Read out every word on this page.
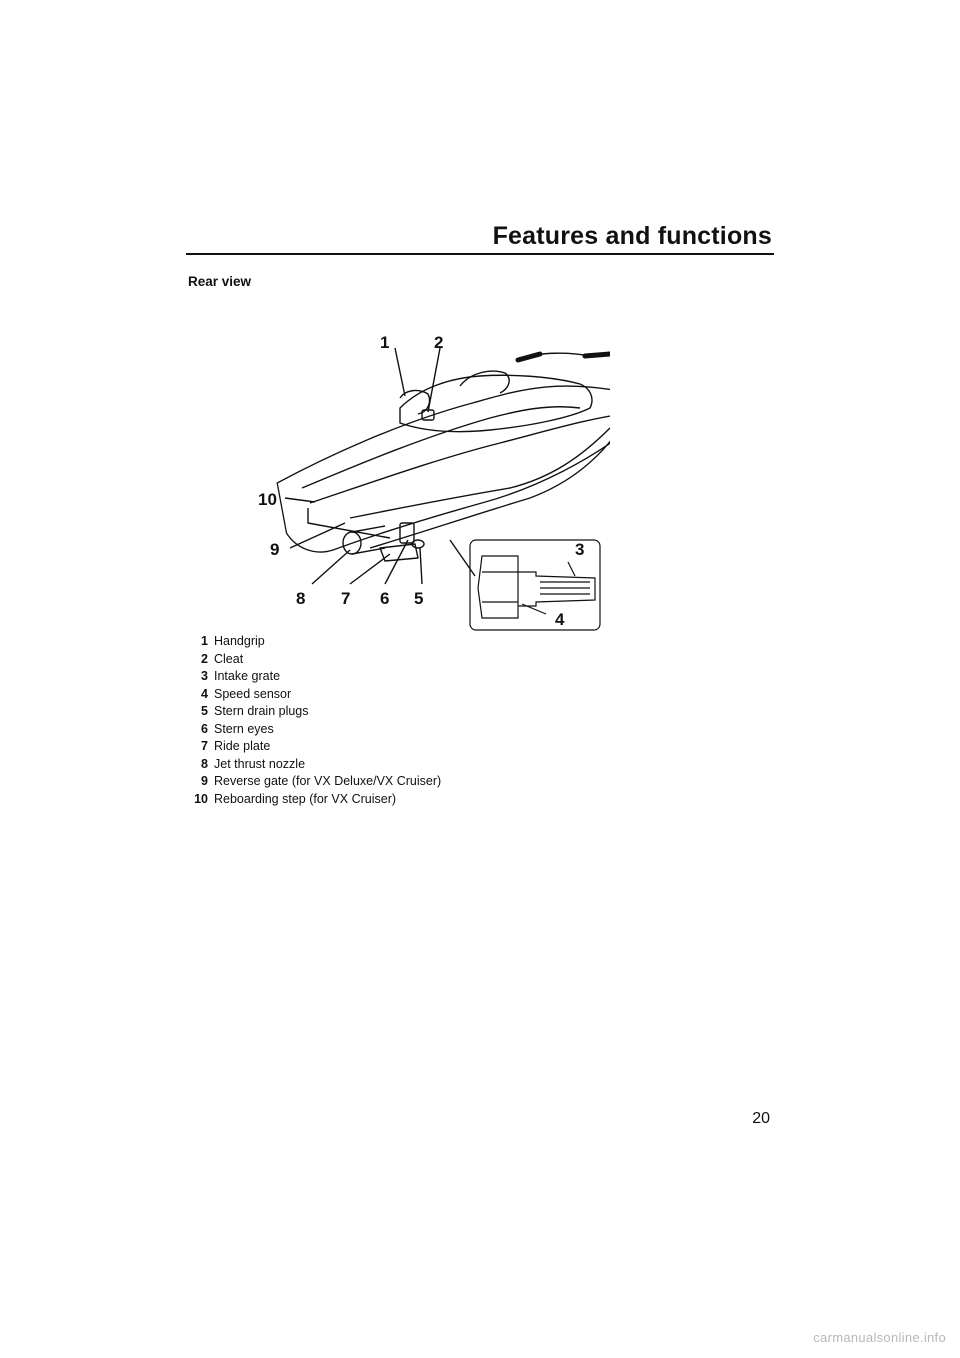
Features and functions
Rear view
1	2
10
9	3
8 7 6 5
4
1 Handgrip
2 Cleat
3 Intake grate
4 Speed sensor
5 Stern drain plugs
6 Stern eyes
7 Ride plate
8 Jet thrust nozzle
9 Reverse gate (for VX Deluxe/VX Cruiser)
10 Reboarding step (for VX Cruiser)
20
carmanualsonline.info
